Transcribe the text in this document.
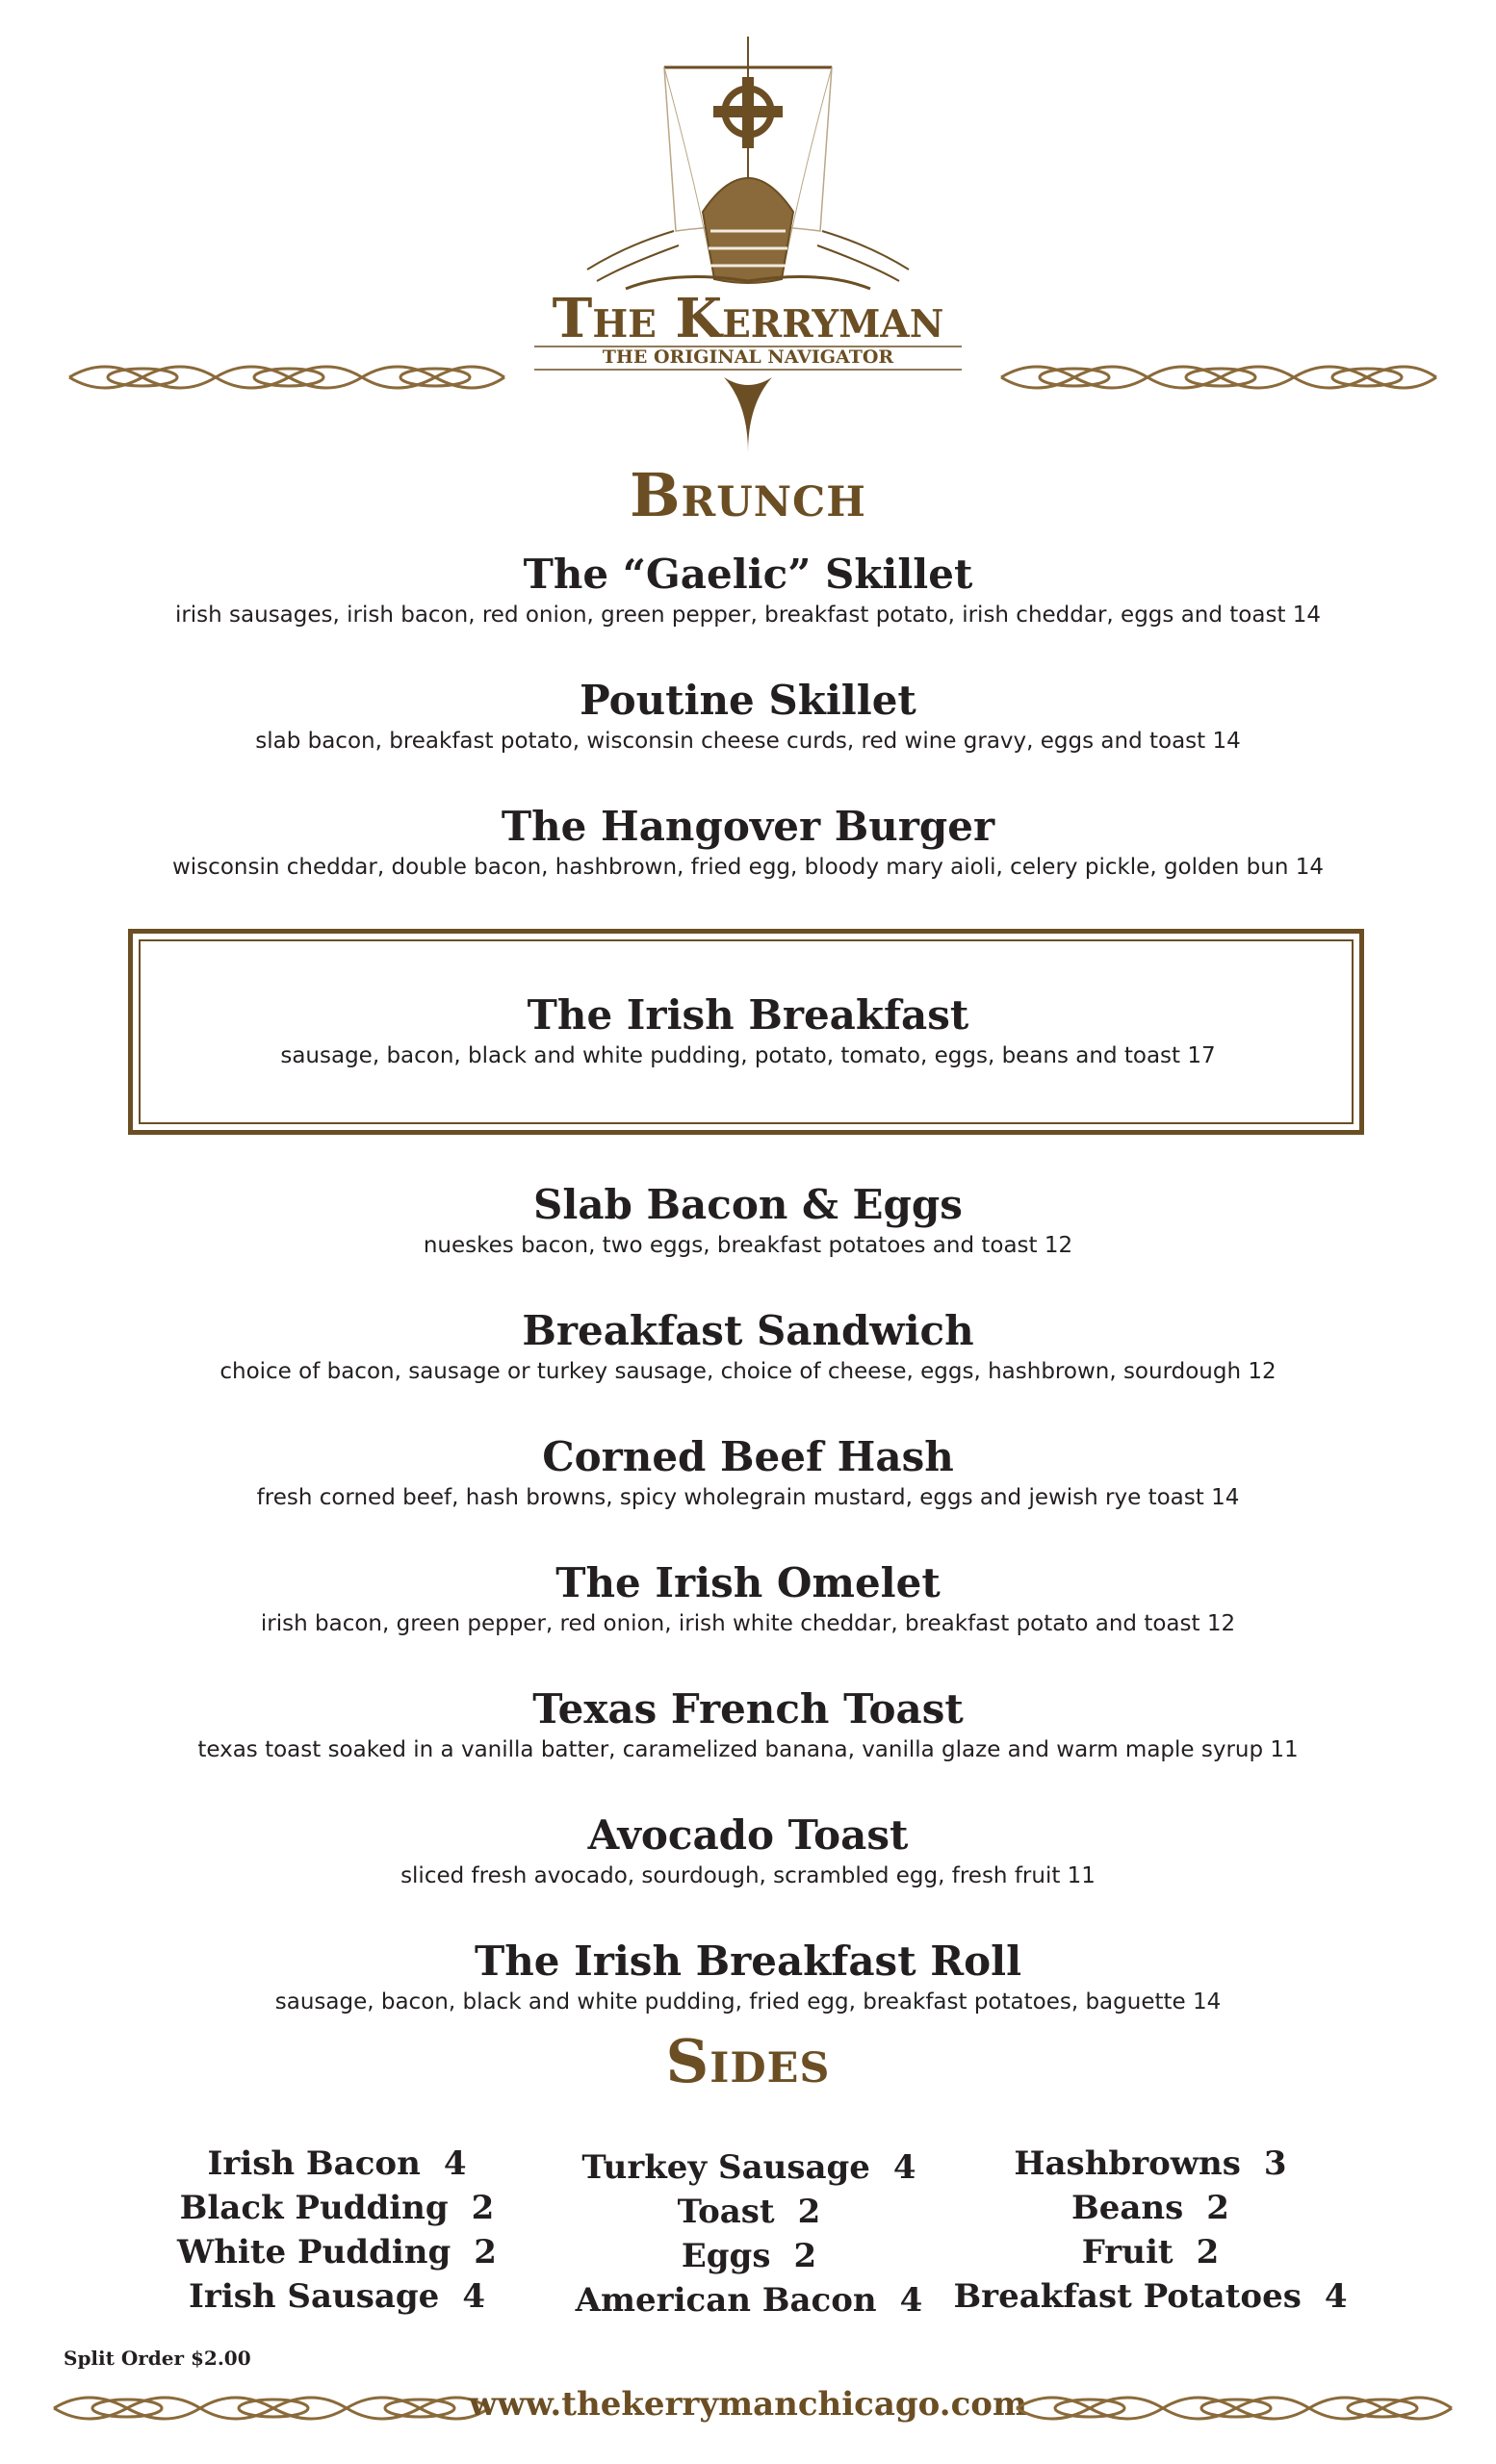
The Kerryman
THE ORIGINAL NAVIGATOR
Brunch
The “Gaelic” Skillet
irish sausages, irish bacon, red onion, green pepper, breakfast potato, irish cheddar, eggs and toast 14
Poutine Skillet
slab bacon, breakfast potato, wisconsin cheese curds, red wine gravy, eggs and toast 14
The Hangover Burger
wisconsin cheddar, double bacon, hashbrown, fried egg, bloody mary aioli, celery pickle, golden bun 14
The Irish Breakfast
sausage, bacon, black and white pudding, potato, tomato, eggs, beans and toast 17
Slab Bacon & Eggs
nueskes bacon, two eggs, breakfast potatoes and toast 12
Breakfast Sandwich
choice of bacon, sausage or turkey sausage, choice of cheese, eggs, hashbrown, sourdough 12
Corned Beef Hash
fresh corned beef, hash browns, spicy wholegrain mustard, eggs and jewish rye toast 14
The Irish Omelet
irish bacon, green pepper, red onion, irish white cheddar, breakfast potato and toast 12
Texas French Toast
texas toast soaked in a vanilla batter, caramelized banana, vanilla glaze and warm maple syrup 11
Avocado Toast
sliced fresh avocado, sourdough, scrambled egg, fresh fruit 11
The Irish Breakfast Roll
sausage, bacon, black and white pudding, fried egg, breakfast potatoes, baguette 14
Sides
Irish Bacon 4
Black Pudding 2
White Pudding 2
Irish Sausage 4
Turkey Sausage 4
Toast 2
Eggs 2
American Bacon 4
Hashbrowns 3
Beans 2
Fruit 2
Breakfast Potatoes 4
Split Order $2.00
www.thekerrymanchicago.com
